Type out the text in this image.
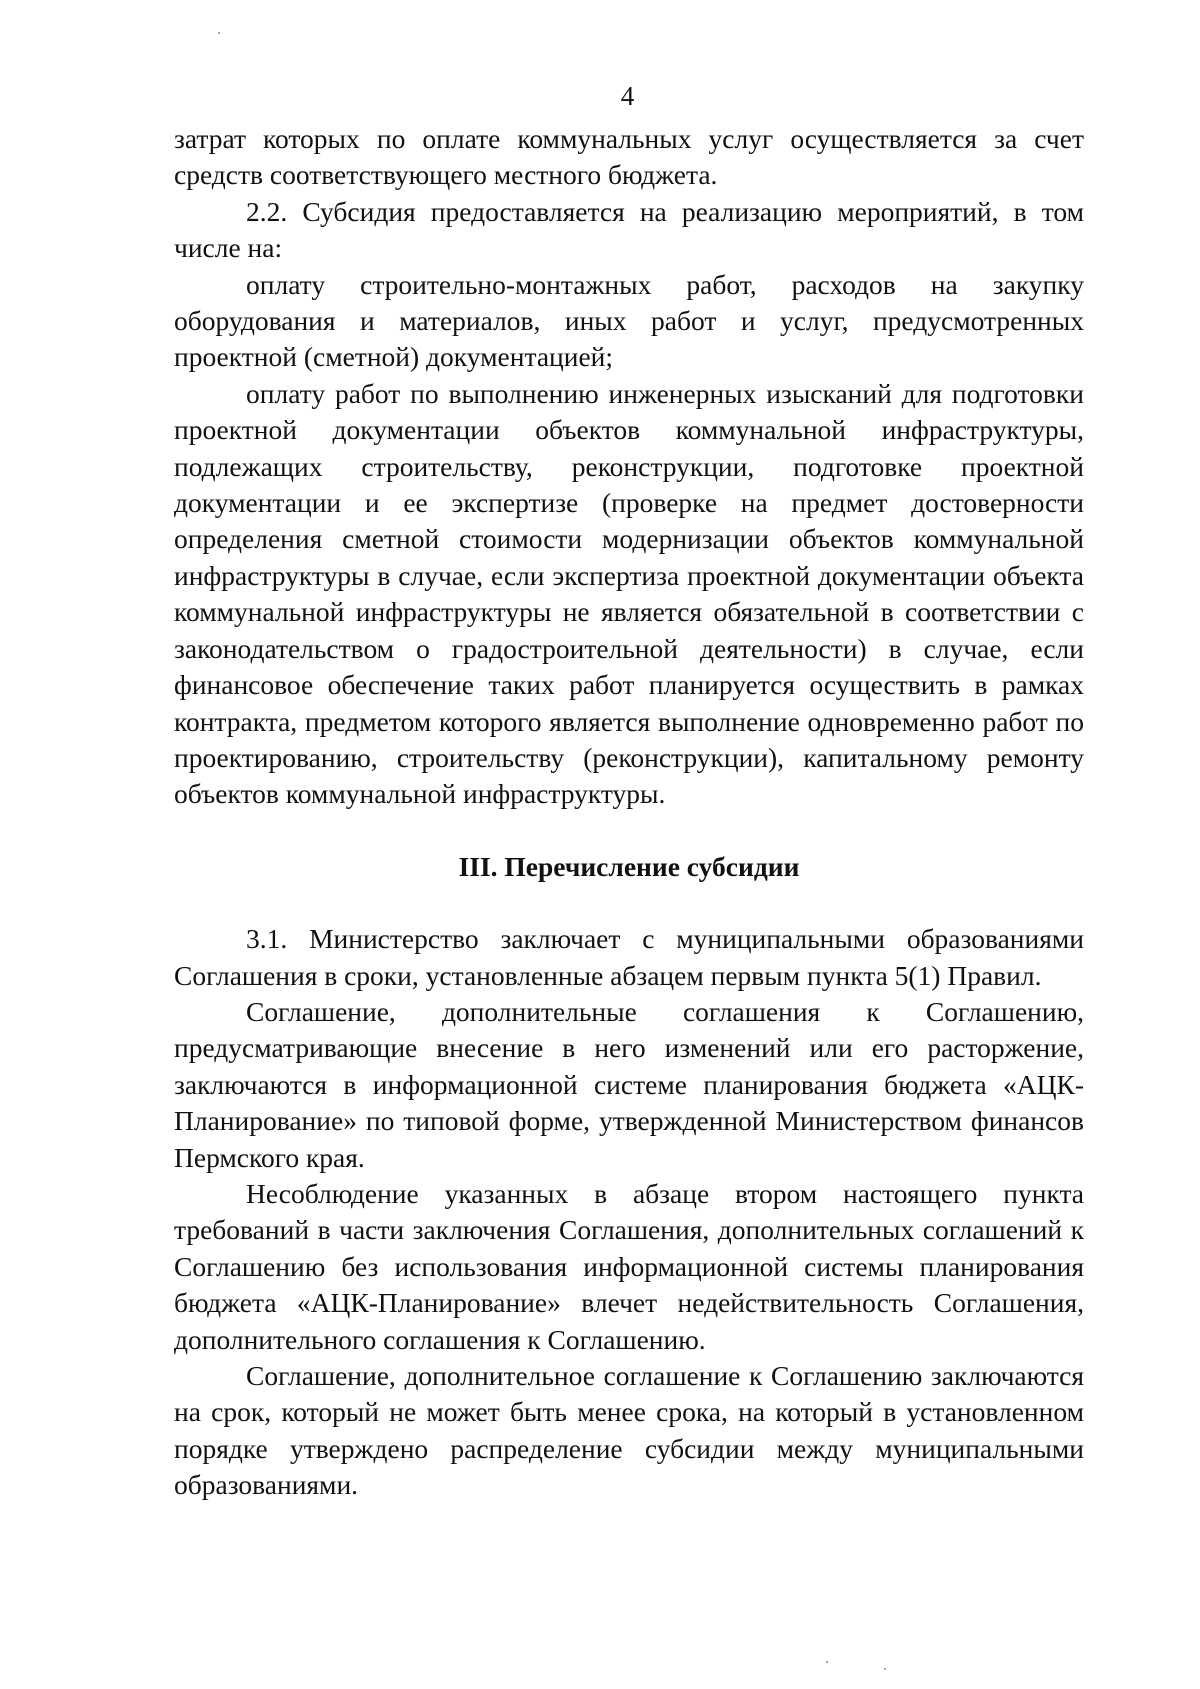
4

затрат которых по оплате коммунальных услуг осуществляется за счет средств соответствующего местного бюджета.

2.2. Субсидия предоставляется на реализацию мероприятий, в том числе на:

оплату строительно-монтажных работ, расходов на закупку оборудования и материалов, иных работ и услуг, предусмотренных проектной (сметной) документацией;

оплату работ по выполнению инженерных изысканий для подготовки проектной документации объектов коммунальной инфраструктуры, подлежащих строительству, реконструкции, подготовке проектной документации и ее экспертизе (проверке на предмет достоверности определения сметной стоимости модернизации объектов коммунальной инфраструктуры в случае, если экспертиза проектной документации объекта коммунальной инфраструктуры не является обязательной в соответствии с законодательством о градостроительной деятельности) в случае, если финансовое обеспечение таких работ планируется осуществить в рамках контракта, предметом которого является выполнение одновременно работ по проектированию, строительству (реконструкции), капитальному ремонту объектов коммунальной инфраструктуры.

III. Перечисление субсидии

3.1. Министерство заключает с муниципальными образованиями Соглашения в сроки, установленные абзацем первым пункта 5(1) Правил.

Соглашение, дополнительные соглашения к Соглашению, предусматривающие внесение в него изменений или его расторжение, заключаются в информационной системе планирования бюджета «АЦК-Планирование» по типовой форме, утвержденной Министерством финансов Пермского края.

Несоблюдение указанных в абзаце втором настоящего пункта требований в части заключения Соглашения, дополнительных соглашений к Соглашению без использования информационной системы планирования бюджета «АЦК-Планирование» влечет недействительность Соглашения, дополнительного соглашения к Соглашению.

Соглашение, дополнительное соглашение к Соглашению заключаются на срок, который не может быть менее срока, на который в установленном порядке утверждено распределение субсидии между муниципальными образованиями.
